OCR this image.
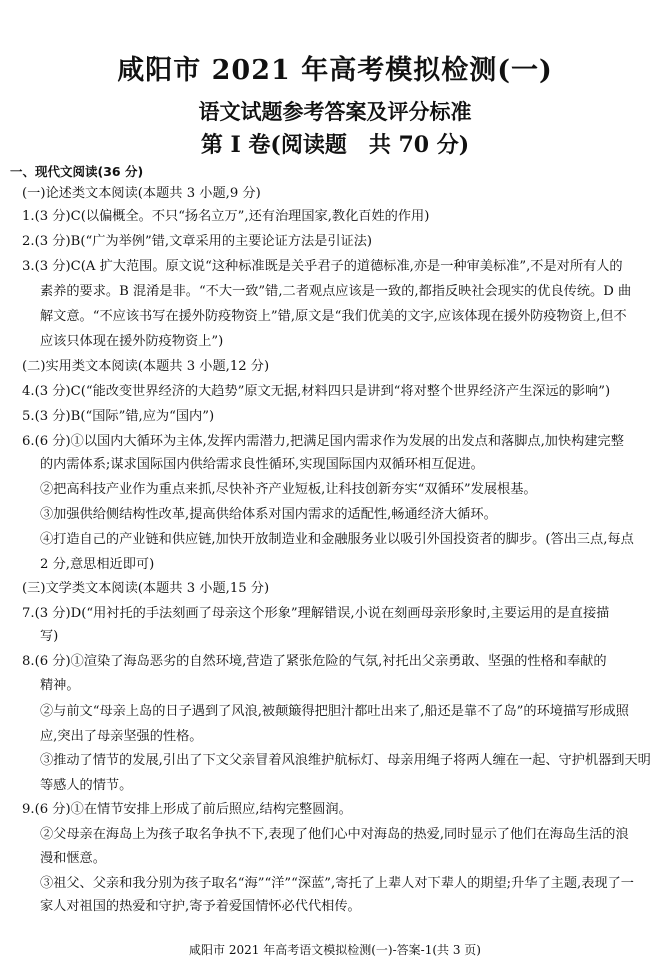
咸阳市 2021 年高考模拟检测(一)
语文试题参考答案及评分标准
第 Ⅰ 卷(阅读题　共 70 分)
一、现代文阅读(36 分)
(一)论述类文本阅读(本题共 3 小题,9 分)
1.(3 分)C(以偏概全。不只“扬名立万”,还有治理国家,教化百姓的作用)
2.(3 分)B(“广为举例”错,文章采用的主要论证方法是引证法)
3.(3 分)C(A 扩大范围。原文说“这种标准既是关乎君子的道德标准,亦是一种审美标准”,不是对所有人的
素养的要求。B 混淆是非。“不大一致”错,二者观点应该是一致的,都指反映社会现实的优良传统。D 曲
解文意。“不应该书写在援外防疫物资上”错,原文是“我们优美的文字,应该体现在援外防疫物资上,但不
应该只体现在援外防疫物资上”)
(二)实用类文本阅读(本题共 3 小题,12 分)
4.(3 分)C(“能改变世界经济的大趋势”原文无据,材料四只是讲到“将对整个世界经济产生深远的影响”)
5.(3 分)B(“国际”错,应为“国内”)
6.(6 分)①以国内大循环为主体,发挥内需潜力,把满足国内需求作为发展的出发点和落脚点,加快构建完整
的内需体系;谋求国际国内供给需求良性循环,实现国际国内双循环相互促进。
②把高科技产业作为重点来抓,尽快补齐产业短板,让科技创新夯实“双循环”发展根基。
③加强供给侧结构性改革,提高供给体系对国内需求的适配性,畅通经济大循环。
④打造自己的产业链和供应链,加快开放制造业和金融服务业以吸引外国投资者的脚步。(答出三点,每点
2 分,意思相近即可)
(三)文学类文本阅读(本题共 3 小题,15 分)
7.(3 分)D(“用衬托的手法刻画了母亲这个形象”理解错误,小说在刻画母亲形象时,主要运用的是直接描
写)
8.(6 分)①渲染了海岛恶劣的自然环境,营造了紧张危险的气氛,衬托出父亲勇敢、坚强的性格和奉献的
精神。
②与前文“母亲上岛的日子遇到了风浪,被颠簸得把胆汁都吐出来了,船还是靠不了岛”的环境描写形成照
应,突出了母亲坚强的性格。
③推动了情节的发展,引出了下文父亲冒着风浪维护航标灯、母亲用绳子将两人缠在一起、守护机器到天明
等感人的情节。
9.(6 分)①在情节安排上形成了前后照应,结构完整圆润。
②父母亲在海岛上为孩子取名争执不下,表现了他们心中对海岛的热爱,同时显示了他们在海岛生活的浪
漫和惬意。
③祖父、父亲和我分别为孩子取名“海”“洋”“深蓝”,寄托了上辈人对下辈人的期望;升华了主题,表现了一
家人对祖国的热爱和守护,寄予着爱国情怀必代代相传。
咸阳市 2021 年高考语文模拟检测(一)-答案-1(共 3 页)
